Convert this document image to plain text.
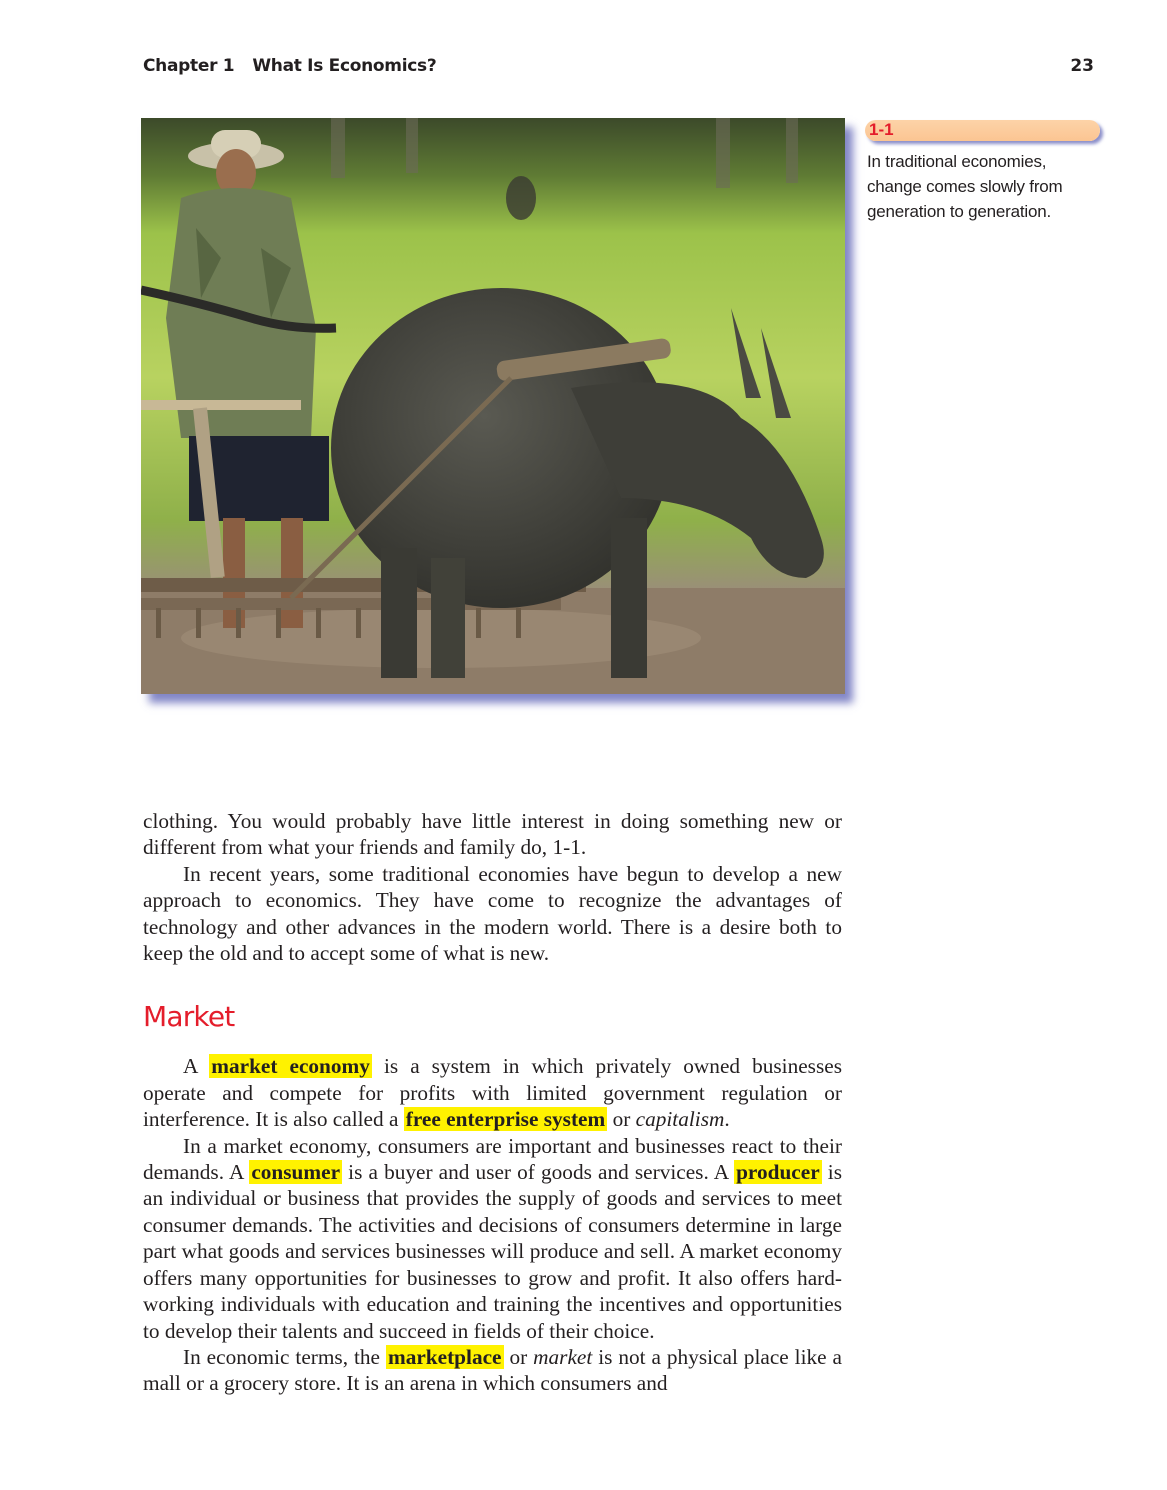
Chapter 1 What Is Economics?	23
1-1
In traditional economies, change comes slowly from generation to generation.

clothing. You would probably have little interest in doing something new or different from what your friends and family do, 1-1.

In recent years, some traditional economies have begun to develop a new approach to economics. They have come to recognize the advantages of technology and other advances in the modern world. There is a desire both to keep the old and to accept some of what is new.

Market

A market economy is a system in which privately owned businesses operate and compete for profits with limited government regulation or interference. It is also called a free enterprise system or capitalism.

In a market economy, consumers are important and businesses react to their demands. A consumer is a buyer and user of goods and services. A producer is an individual or business that provides the supply of goods and services to meet consumer demands. The activities and decisions of consumers determine in large part what goods and services businesses will produce and sell. A market economy offers many opportunities for businesses to grow and profit. It also offers hard-working individuals with education and training the incentives and opportunities to develop their talents and succeed in fields of their choice.

In economic terms, the marketplace or market is not a physical place like a mall or a grocery store. It is an arena in which consumers and
